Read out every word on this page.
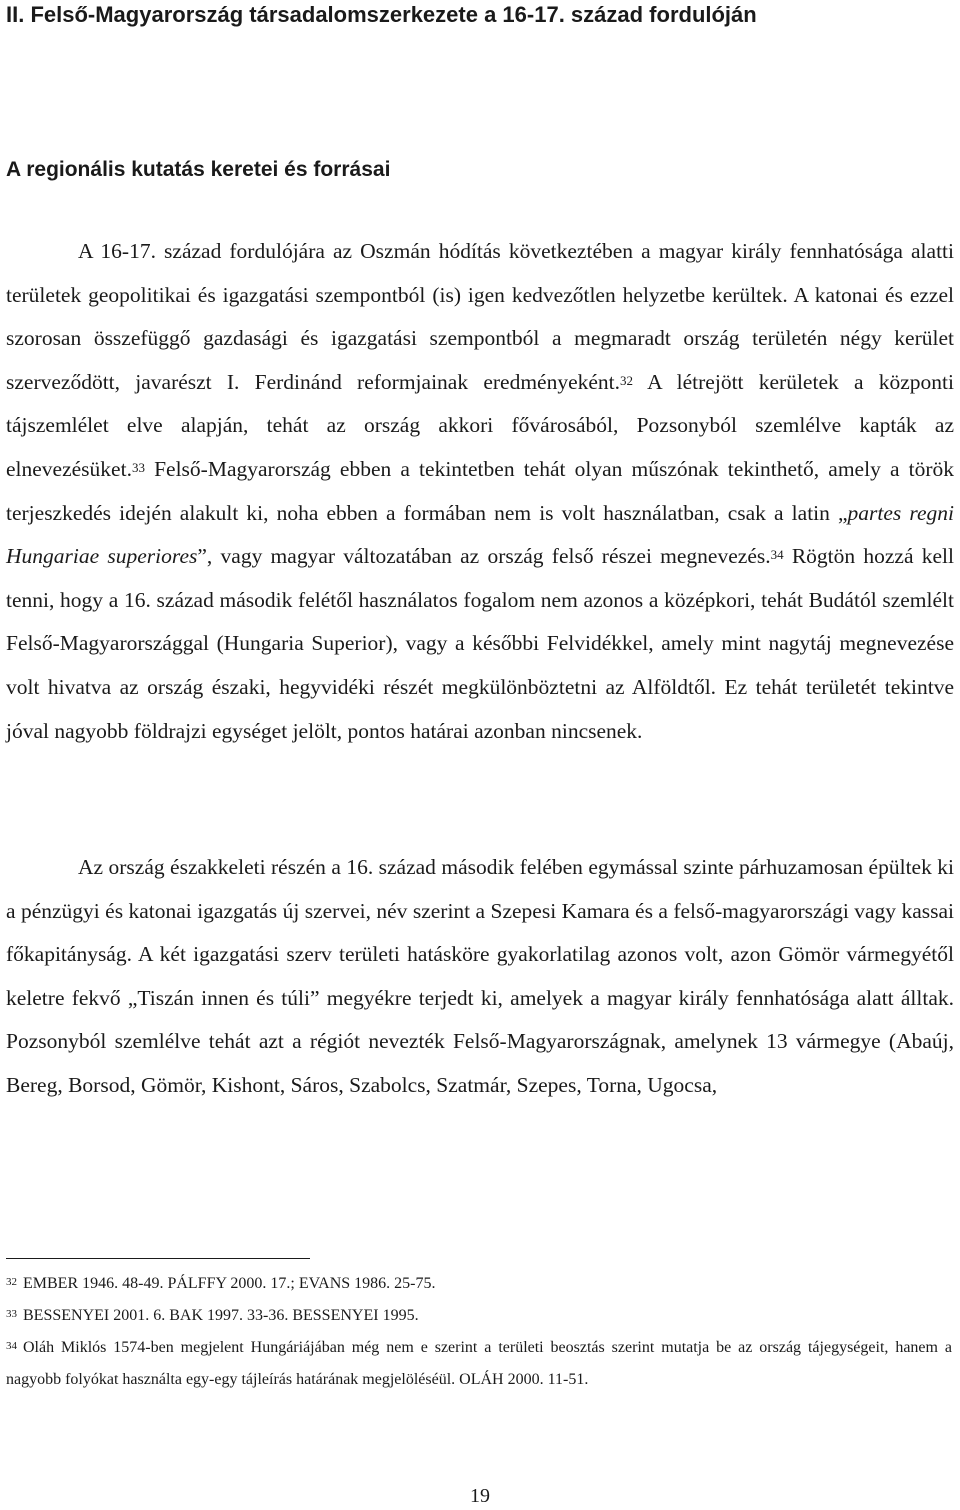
II. Felső-Magyarország társadalomszerkezete a 16-17. század fordulóján
A regionális kutatás keretei és forrásai

A 16-17. század fordulójára az Oszmán hódítás következtében a magyar király fennhatósága alatti területek geopolitikai és igazgatási szempontból (is) igen kedvezőtlen helyzetbe kerültek. A katonai és ezzel szorosan összefüggő gazdasági és igazgatási szempontból a megmaradt ország területén négy kerület szerveződött, javarészt I. Ferdinánd reformjainak eredményeként.$^{32}$ A létrejött kerületek a központi tájszemlélet elve alapján, tehát az ország akkori fővárosából, Pozsonyból szemlélve kapták az elnevezésüket.$^{33}$ Felső-Magyarország ebben a tekintetben tehát olyan műszónak tekinthető, amely a török terjeszkedés idején alakult ki, noha ebben a formában nem is volt használatban, csak a latin „partes regni Hungariae superiores”, vagy magyar változatában az ország felső részei megnevezés.$^{34}$ Rögtön hozzá kell tenni, hogy a 16. század második felétől használatos fogalom nem azonos a középkori, tehát Budától szemlélt Felső-Magyarországgal (Hungaria Superior), vagy a későbbi Felvidékkel, amely mint nagytáj megnevezése volt hivatva az ország északi, hegyvidéki részét megkülönböztetni az Alföldtől. Ez tehát területét tekintve jóval nagyobb földrajzi egységet jelölt, pontos határai azonban nincsenek.

Az ország északkeleti részén a 16. század második felében egymással szinte párhuzamosan épültek ki a pénzügyi és katonai igazgatás új szervei, név szerint a Szepesi Kamara és a felső-magyarországi vagy kassai főkapitányság. A két igazgatási szerv területi hatásköre gyakorlatilag azonos volt, azon Gömör vármegyétől keletre fekvő „Tiszán innen és túli” megyékre terjedt ki, amelyek a magyar király fennhatósága alatt álltak. Pozsonyból szemlélve tehát azt a régiót nevezték Felső-Magyarországnak, amelynek 13 vármegye (Abaúj, Bereg, Borsod, Gömör, Kishont, Sáros, Szabolcs, Szatmár, Szepes, Torna, Ugocsa,

$^{32}$ EMBER 1946. 48-49. PÁLFFY 2000. 17.; EVANS 1986. 25-75.

$^{33}$ BESSENYEI 2001. 6. BAK 1997. 33-36. BESSENYEI 1995.

$^{34}$ Oláh Miklós 1574-ben megjelent Hungáriájában még nem e szerint a területi beosztás szerint mutatja be az ország tájegységeit, hanem a nagyobb folyókat használta egy-egy tájleírás határának megjelöléséül. OLÁH 2000. 11-51.

19
